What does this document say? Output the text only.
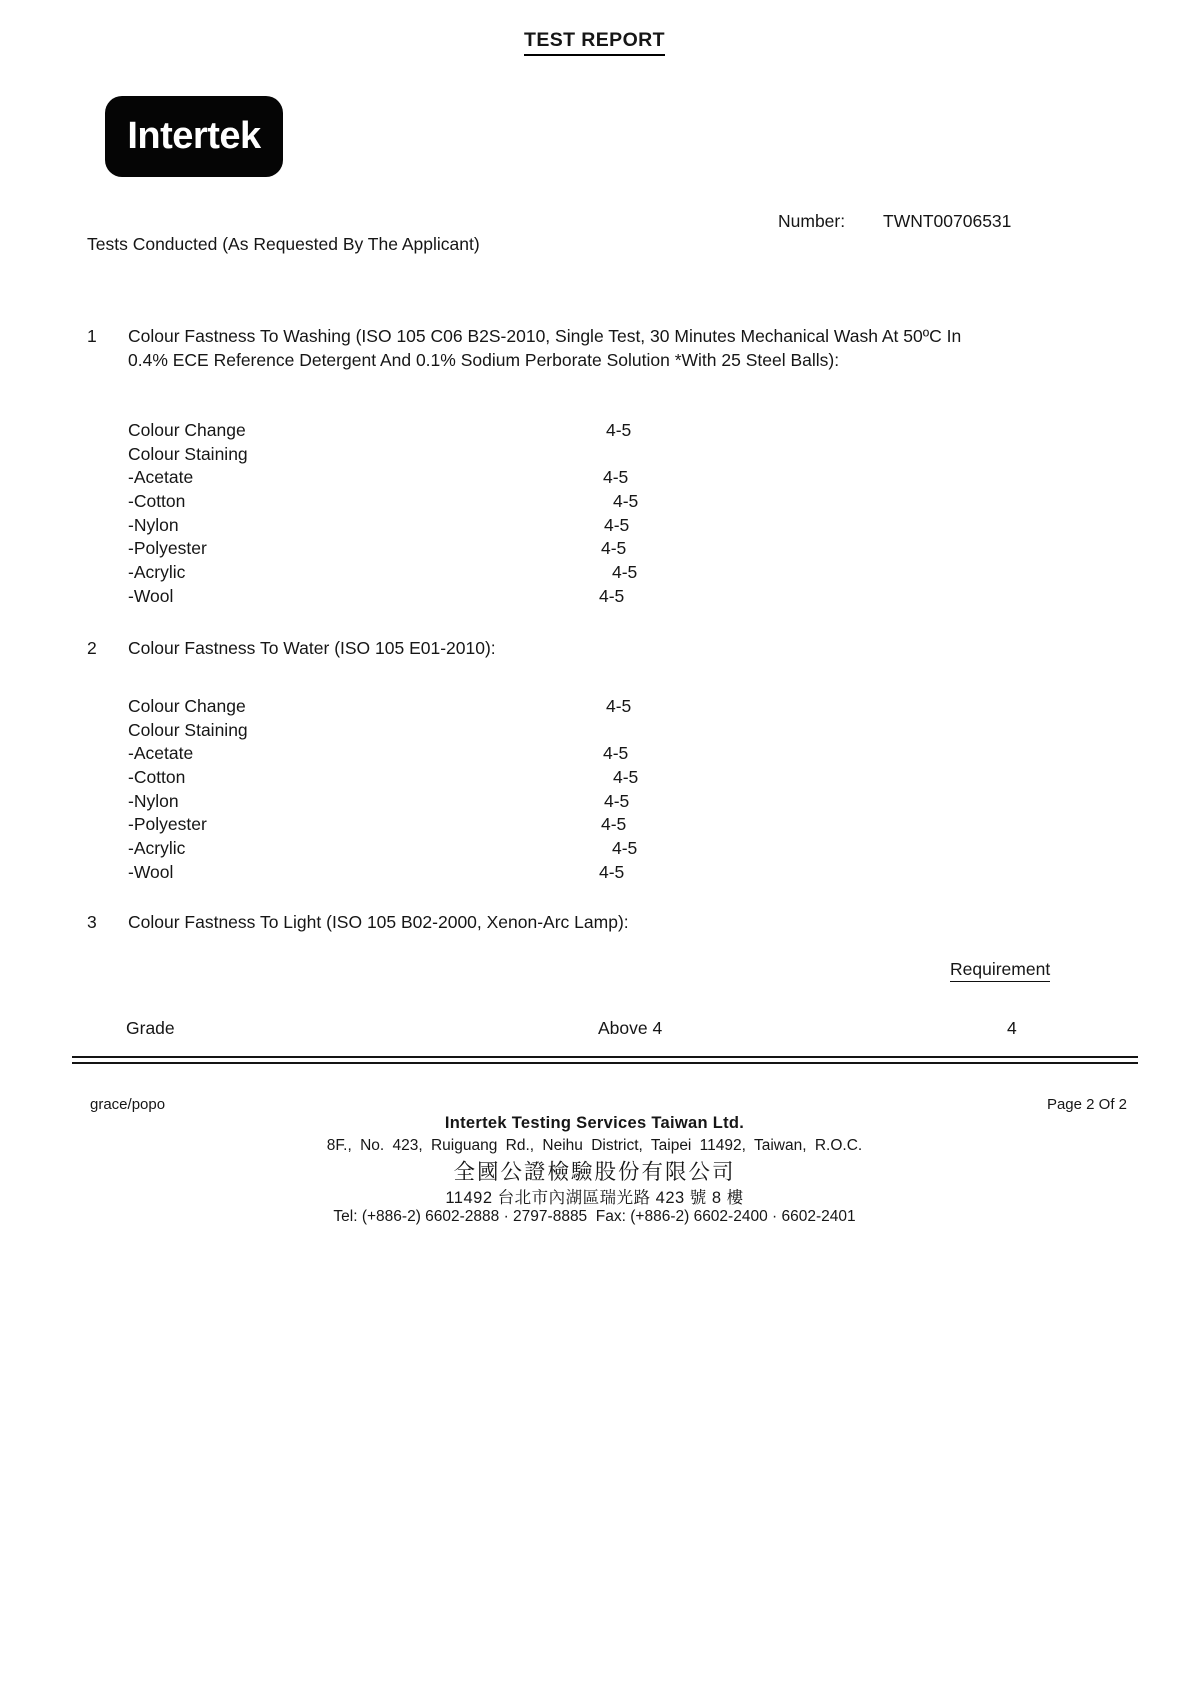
TEST REPORT
Intertek
Number: TWNT00706531
Tests Conducted (As Requested By The Applicant)
1 Colour Fastness To Washing (ISO 105 C06 B2S-2010, Single Test, 30 Minutes Mechanical Wash At 50ºC In
0.4% ECE Reference Detergent And 0.1% Sodium Perborate Solution *With 25 Steel Balls):
Colour Change	4-5
Colour Staining
-Acetate	4-5
-Cotton	4-5
-Nylon	4-5
-Polyester	4-5
-Acrylic	4-5
-Wool	4-5
2 Colour Fastness To Water (ISO 105 E01-2010):
Colour Change	4-5
Colour Staining
-Acetate	4-5
-Cotton	4-5
-Nylon	4-5
-Polyester	4-5
-Acrylic	4-5
-Wool	4-5
3 Colour Fastness To Light (ISO 105 B02-2000, Xenon-Arc Lamp):
Requirement
Grade	Above 4	4
grace/popo	Page 2 Of 2
Intertek Testing Services Taiwan Ltd.
8F., No. 423, Ruiguang Rd., Neihu District, Taipei 11492, Taiwan, R.O.C.
全國公證檢驗股份有限公司
11492 台北市內湖區瑞光路 423 號 8 樓
Tel: (+886-2) 6602-2888 · 2797-8885  Fax: (+886-2) 6602-2400 · 6602-2401
